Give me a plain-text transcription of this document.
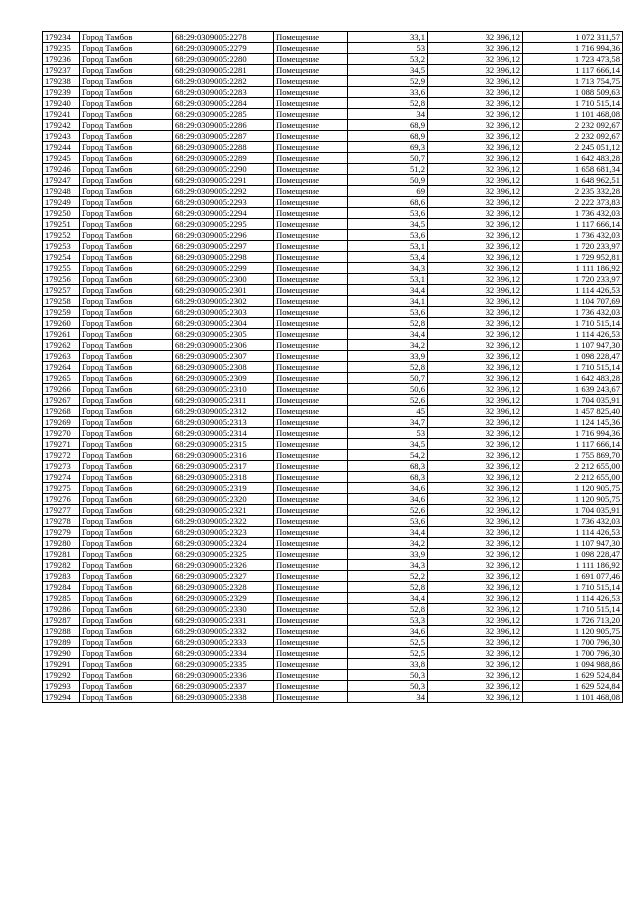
179234	Город Тамбов	68:29:0309005:2278	Помещение	33,1	32 396,12	1 072 311,57
179235	Город Тамбов	68:29:0309005:2279	Помещение	53	32 396,12	1 716 994,36
179236	Город Тамбов	68:29:0309005:2280	Помещение	53,2	32 396,12	1 723 473,58
179237	Город Тамбов	68:29:0309005:2281	Помещение	34,5	32 396,12	1 117 666,14
179238	Город Тамбов	68:29:0309005:2282	Помещение	52,9	32 396,12	1 713 754,75
179239	Город Тамбов	68:29:0309005:2283	Помещение	33,6	32 396,12	1 088 509,63
179240	Город Тамбов	68:29:0309005:2284	Помещение	52,8	32 396,12	1 710 515,14
179241	Город Тамбов	68:29:0309005:2285	Помещение	34	32 396,12	1 101 468,08
179242	Город Тамбов	68:29:0309005:2286	Помещение	68,9	32 396,12	2 232 092,67
179243	Город Тамбов	68:29:0309005:2287	Помещение	68,9	32 396,12	2 232 092,67
179244	Город Тамбов	68:29:0309005:2288	Помещение	69,3	32 396,12	2 245 051,12
179245	Город Тамбов	68:29:0309005:2289	Помещение	50,7	32 396,12	1 642 483,28
179246	Город Тамбов	68:29:0309005:2290	Помещение	51,2	32 396,12	1 658 681,34
179247	Город Тамбов	68:29:0309005:2291	Помещение	50,9	32 396,12	1 648 962,51
179248	Город Тамбов	68:29:0309005:2292	Помещение	69	32 396,12	2 235 332,28
179249	Город Тамбов	68:29:0309005:2293	Помещение	68,6	32 396,12	2 222 373,83
179250	Город Тамбов	68:29:0309005:2294	Помещение	53,6	32 396,12	1 736 432,03
179251	Город Тамбов	68:29:0309005:2295	Помещение	34,5	32 396,12	1 117 666,14
179252	Город Тамбов	68:29:0309005:2296	Помещение	53,6	32 396,12	1 736 432,03
179253	Город Тамбов	68:29:0309005:2297	Помещение	53,1	32 396,12	1 720 233,97
179254	Город Тамбов	68:29:0309005:2298	Помещение	53,4	32 396,12	1 729 952,81
179255	Город Тамбов	68:29:0309005:2299	Помещение	34,3	32 396,12	1 111 186,92
179256	Город Тамбов	68:29:0309005:2300	Помещение	53,1	32 396,12	1 720 233,97
179257	Город Тамбов	68:29:0309005:2301	Помещение	34,4	32 396,12	1 114 426,53
179258	Город Тамбов	68:29:0309005:2302	Помещение	34,1	32 396,12	1 104 707,69
179259	Город Тамбов	68:29:0309005:2303	Помещение	53,6	32 396,12	1 736 432,03
179260	Город Тамбов	68:29:0309005:2304	Помещение	52,8	32 396,12	1 710 515,14
179261	Город Тамбов	68:29:0309005:2305	Помещение	34,4	32 396,12	1 114 426,53
179262	Город Тамбов	68:29:0309005:2306	Помещение	34,2	32 396,12	1 107 947,30
179263	Город Тамбов	68:29:0309005:2307	Помещение	33,9	32 396,12	1 098 228,47
179264	Город Тамбов	68:29:0309005:2308	Помещение	52,8	32 396,12	1 710 515,14
179265	Город Тамбов	68:29:0309005:2309	Помещение	50,7	32 396,12	1 642 483,28
179266	Город Тамбов	68:29:0309005:2310	Помещение	50,6	32 396,12	1 639 243,67
179267	Город Тамбов	68:29:0309005:2311	Помещение	52,6	32 396,12	1 704 035,91
179268	Город Тамбов	68:29:0309005:2312	Помещение	45	32 396,12	1 457 825,40
179269	Город Тамбов	68:29:0309005:2313	Помещение	34,7	32 396,12	1 124 145,36
179270	Город Тамбов	68:29:0309005:2314	Помещение	53	32 396,12	1 716 994,36
179271	Город Тамбов	68:29:0309005:2315	Помещение	34,5	32 396,12	1 117 666,14
179272	Город Тамбов	68:29:0309005:2316	Помещение	54,2	32 396,12	1 755 869,70
179273	Город Тамбов	68:29:0309005:2317	Помещение	68,3	32 396,12	2 212 655,00
179274	Город Тамбов	68:29:0309005:2318	Помещение	68,3	32 396,12	2 212 655,00
179275	Город Тамбов	68:29:0309005:2319	Помещение	34,6	32 396,12	1 120 905,75
179276	Город Тамбов	68:29:0309005:2320	Помещение	34,6	32 396,12	1 120 905,75
179277	Город Тамбов	68:29:0309005:2321	Помещение	52,6	32 396,12	1 704 035,91
179278	Город Тамбов	68:29:0309005:2322	Помещение	53,6	32 396,12	1 736 432,03
179279	Город Тамбов	68:29:0309005:2323	Помещение	34,4	32 396,12	1 114 426,53
179280	Город Тамбов	68:29:0309005:2324	Помещение	34,2	32 396,12	1 107 947,30
179281	Город Тамбов	68:29:0309005:2325	Помещение	33,9	32 396,12	1 098 228,47
179282	Город Тамбов	68:29:0309005:2326	Помещение	34,3	32 396,12	1 111 186,92
179283	Город Тамбов	68:29:0309005:2327	Помещение	52,2	32 396,12	1 691 077,46
179284	Город Тамбов	68:29:0309005:2328	Помещение	52,8	32 396,12	1 710 515,14
179285	Город Тамбов	68:29:0309005:2329	Помещение	34,4	32 396,12	1 114 426,53
179286	Город Тамбов	68:29:0309005:2330	Помещение	52,8	32 396,12	1 710 515,14
179287	Город Тамбов	68:29:0309005:2331	Помещение	53,3	32 396,12	1 726 713,20
179288	Город Тамбов	68:29:0309005:2332	Помещение	34,6	32 396,12	1 120 905,75
179289	Город Тамбов	68:29:0309005:2333	Помещение	52,5	32 396,12	1 700 796,30
179290	Город Тамбов	68:29:0309005:2334	Помещение	52,5	32 396,12	1 700 796,30
179291	Город Тамбов	68:29:0309005:2335	Помещение	33,8	32 396,12	1 094 988,86
179292	Город Тамбов	68:29:0309005:2336	Помещение	50,3	32 396,12	1 629 524,84
179293	Город Тамбов	68:29:0309005:2337	Помещение	50,3	32 396,12	1 629 524,84
179294	Город Тамбов	68:29:0309005:2338	Помещение	34	32 396,12	1 101 468,08
